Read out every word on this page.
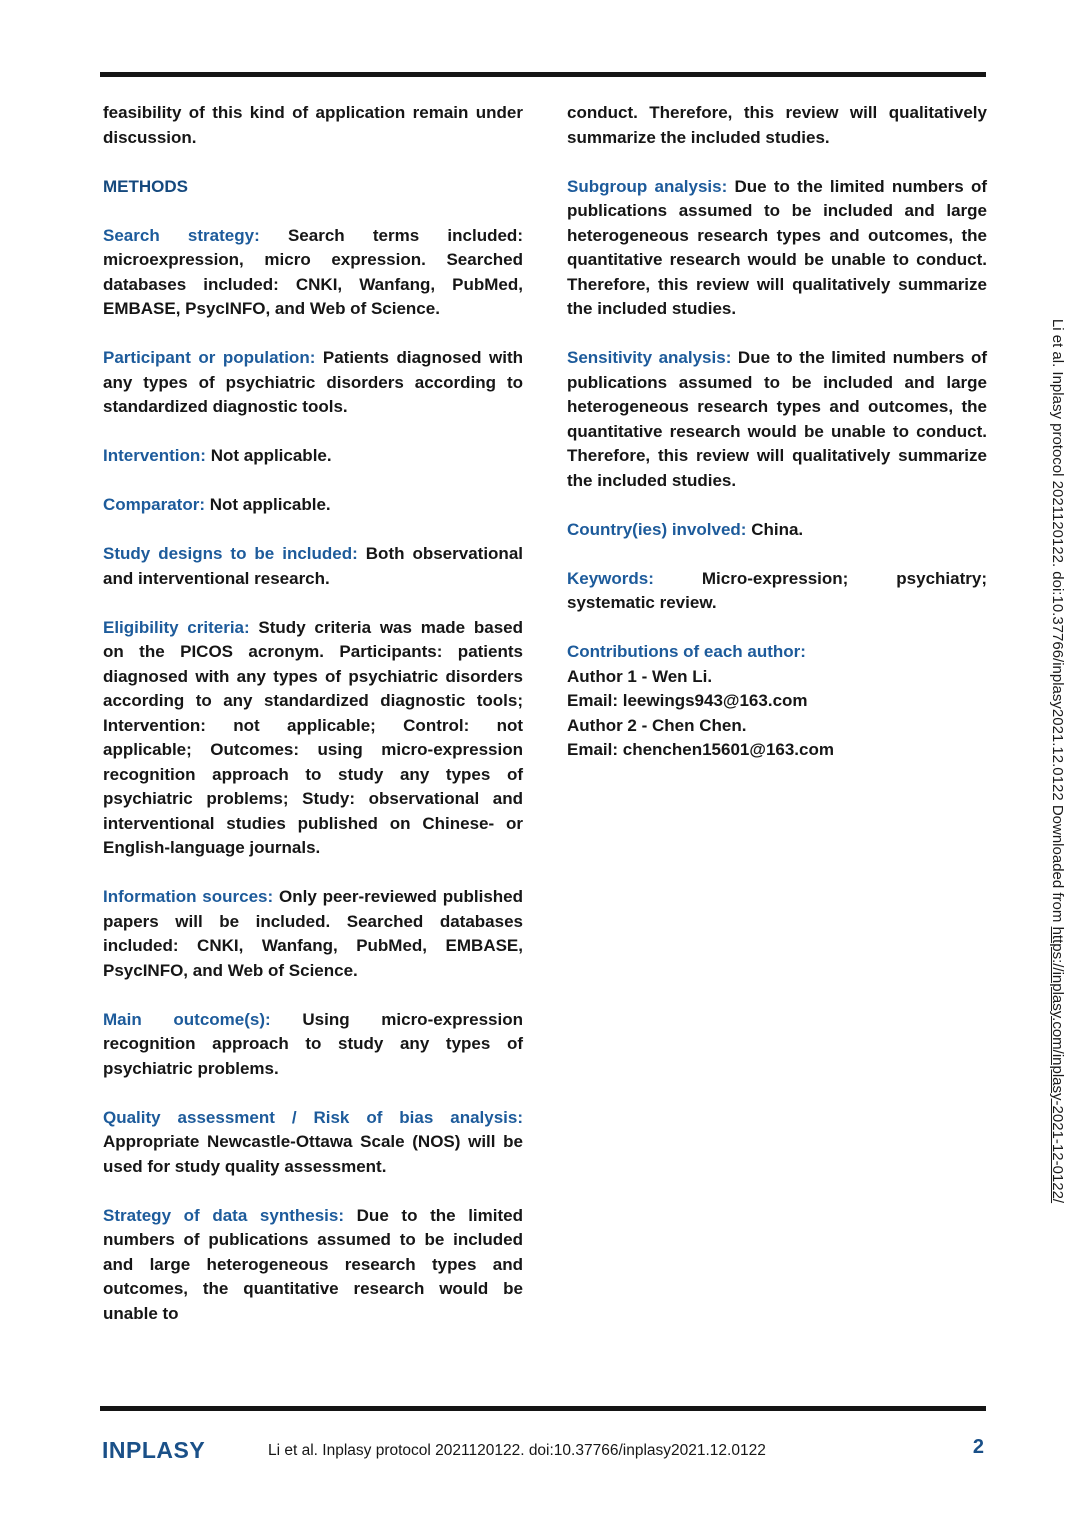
feasibility of this kind of application remain under discussion.

METHODS

Search strategy: Search terms included: microexpression, micro expression. Searched databases included: CNKI, Wanfang, PubMed, EMBASE, PsycINFO, and Web of Science.

Participant or population: Patients diagnosed with any types of psychiatric disorders according to standardized diagnostic tools.

Intervention: Not applicable.

Comparator: Not applicable.

Study designs to be included: Both observational and interventional research.

Eligibility criteria: Study criteria was made based on the PICOS acronym. Participants: patients diagnosed with any types of psychiatric disorders according to any standardized diagnostic tools; Intervention: not applicable; Control: not applicable; Outcomes: using micro-expression recognition approach to study any types of psychiatric problems; Study: observational and interventional studies published on Chinese- or English-language journals.

Information sources: Only peer-reviewed published papers will be included. Searched databases included: CNKI, Wanfang, PubMed, EMBASE, PsycINFO, and Web of Science.

Main outcome(s): Using micro-expression recognition approach to study any types of psychiatric problems.

Quality assessment / Risk of bias analysis: Appropriate Newcastle-Ottawa Scale (NOS) will be used for study quality assessment.

Strategy of data synthesis: Due to the limited numbers of publications assumed to be included and large heterogeneous research types and outcomes, the quantitative research would be unable to

conduct. Therefore, this review will qualitatively summarize the included studies.

Subgroup analysis: Due to the limited numbers of publications assumed to be included and large heterogeneous research types and outcomes, the quantitative research would be unable to conduct. Therefore, this review will qualitatively summarize the included studies.

Sensitivity analysis: Due to the limited numbers of publications assumed to be included and large heterogeneous research types and outcomes, the quantitative research would be unable to conduct. Therefore, this review will qualitatively summarize the included studies.

Country(ies) involved: China.

Keywords:	Micro-expression; psychiatry; systematic review.

Contributions of each author:
Author 1 - Wen Li.
Email: leewings943@163.com
Author 2 - Chen Chen.
Email: chenchen15601@163.com	Li et al. Inplasy protocol 2021120122. doi:10.37766/inplasy2021.12.0122 Downloaded from https://inplasy.com/inplasy-2021-12-0122/
INPLASY	Li et al. Inplasy protocol 2021120122. doi:10.37766/inplasy2021.12.0122	2
